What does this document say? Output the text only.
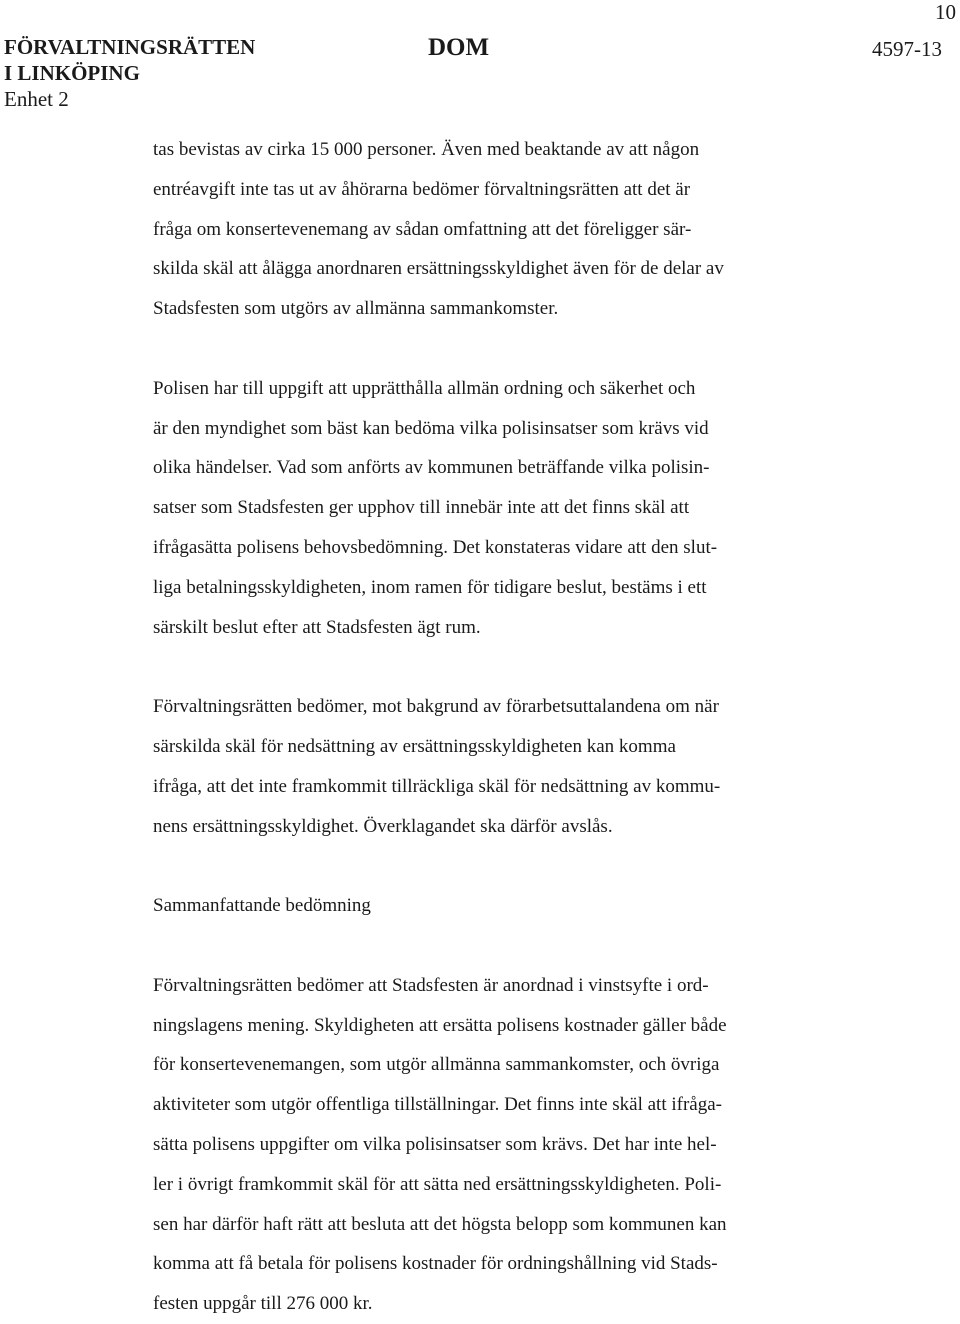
10
FÖRVALTNINGSRÄTTEN
I LINKÖPING
Enhet 2
DOM	4597-13

tas bevistas av cirka 15 000 personer. Även med beaktande av att någon
entréavgift inte tas ut av åhörarna bedömer förvaltningsrätten att det är
fråga om konsertevenemang av sådan omfattning att det föreligger sär-
skilda skäl att ålägga anordnaren ersättningsskyldighet även för de delar av
Stadsfesten som utgörs av allmänna sammankomster.

Polisen har till uppgift att upprätthålla allmän ordning och säkerhet och
är den myndighet som bäst kan bedöma vilka polisinsatser som krävs vid
olika händelser. Vad som anförts av kommunen beträffande vilka polisin-
satser som Stadsfesten ger upphov till innebär inte att det finns skäl att
ifrågasätta polisens behovsbedömning. Det konstateras vidare att den slut-
liga betalningsskyldigheten, inom ramen för tidigare beslut, bestäms i ett
särskilt beslut efter att Stadsfesten ägt rum.

Förvaltningsrätten bedömer, mot bakgrund av förarbetsuttalandena om när
särskilda skäl för nedsättning av ersättningsskyldigheten kan komma
ifråga, att det inte framkommit tillräckliga skäl för nedsättning av kommu-
nens ersättningsskyldighet. Överklagandet ska därför avslås.

Sammanfattande bedömning

Förvaltningsrätten bedömer att Stadsfesten är anordnad i vinstsyfte i ord-
ningslagens mening. Skyldigheten att ersätta polisens kostnader gäller både
för konsertevenemangen, som utgör allmänna sammankomster, och övriga
aktiviteter som utgör offentliga tillställningar. Det finns inte skäl att ifråga-
sätta polisens uppgifter om vilka polisinsatser som krävs. Det har inte hel-
ler i övrigt framkommit skäl för att sätta ned ersättningsskyldigheten. Poli-
sen har därför haft rätt att besluta att det högsta belopp som kommunen kan
komma att få betala för polisens kostnader för ordningshållning vid Stads-
festen uppgår till 276 000 kr.
